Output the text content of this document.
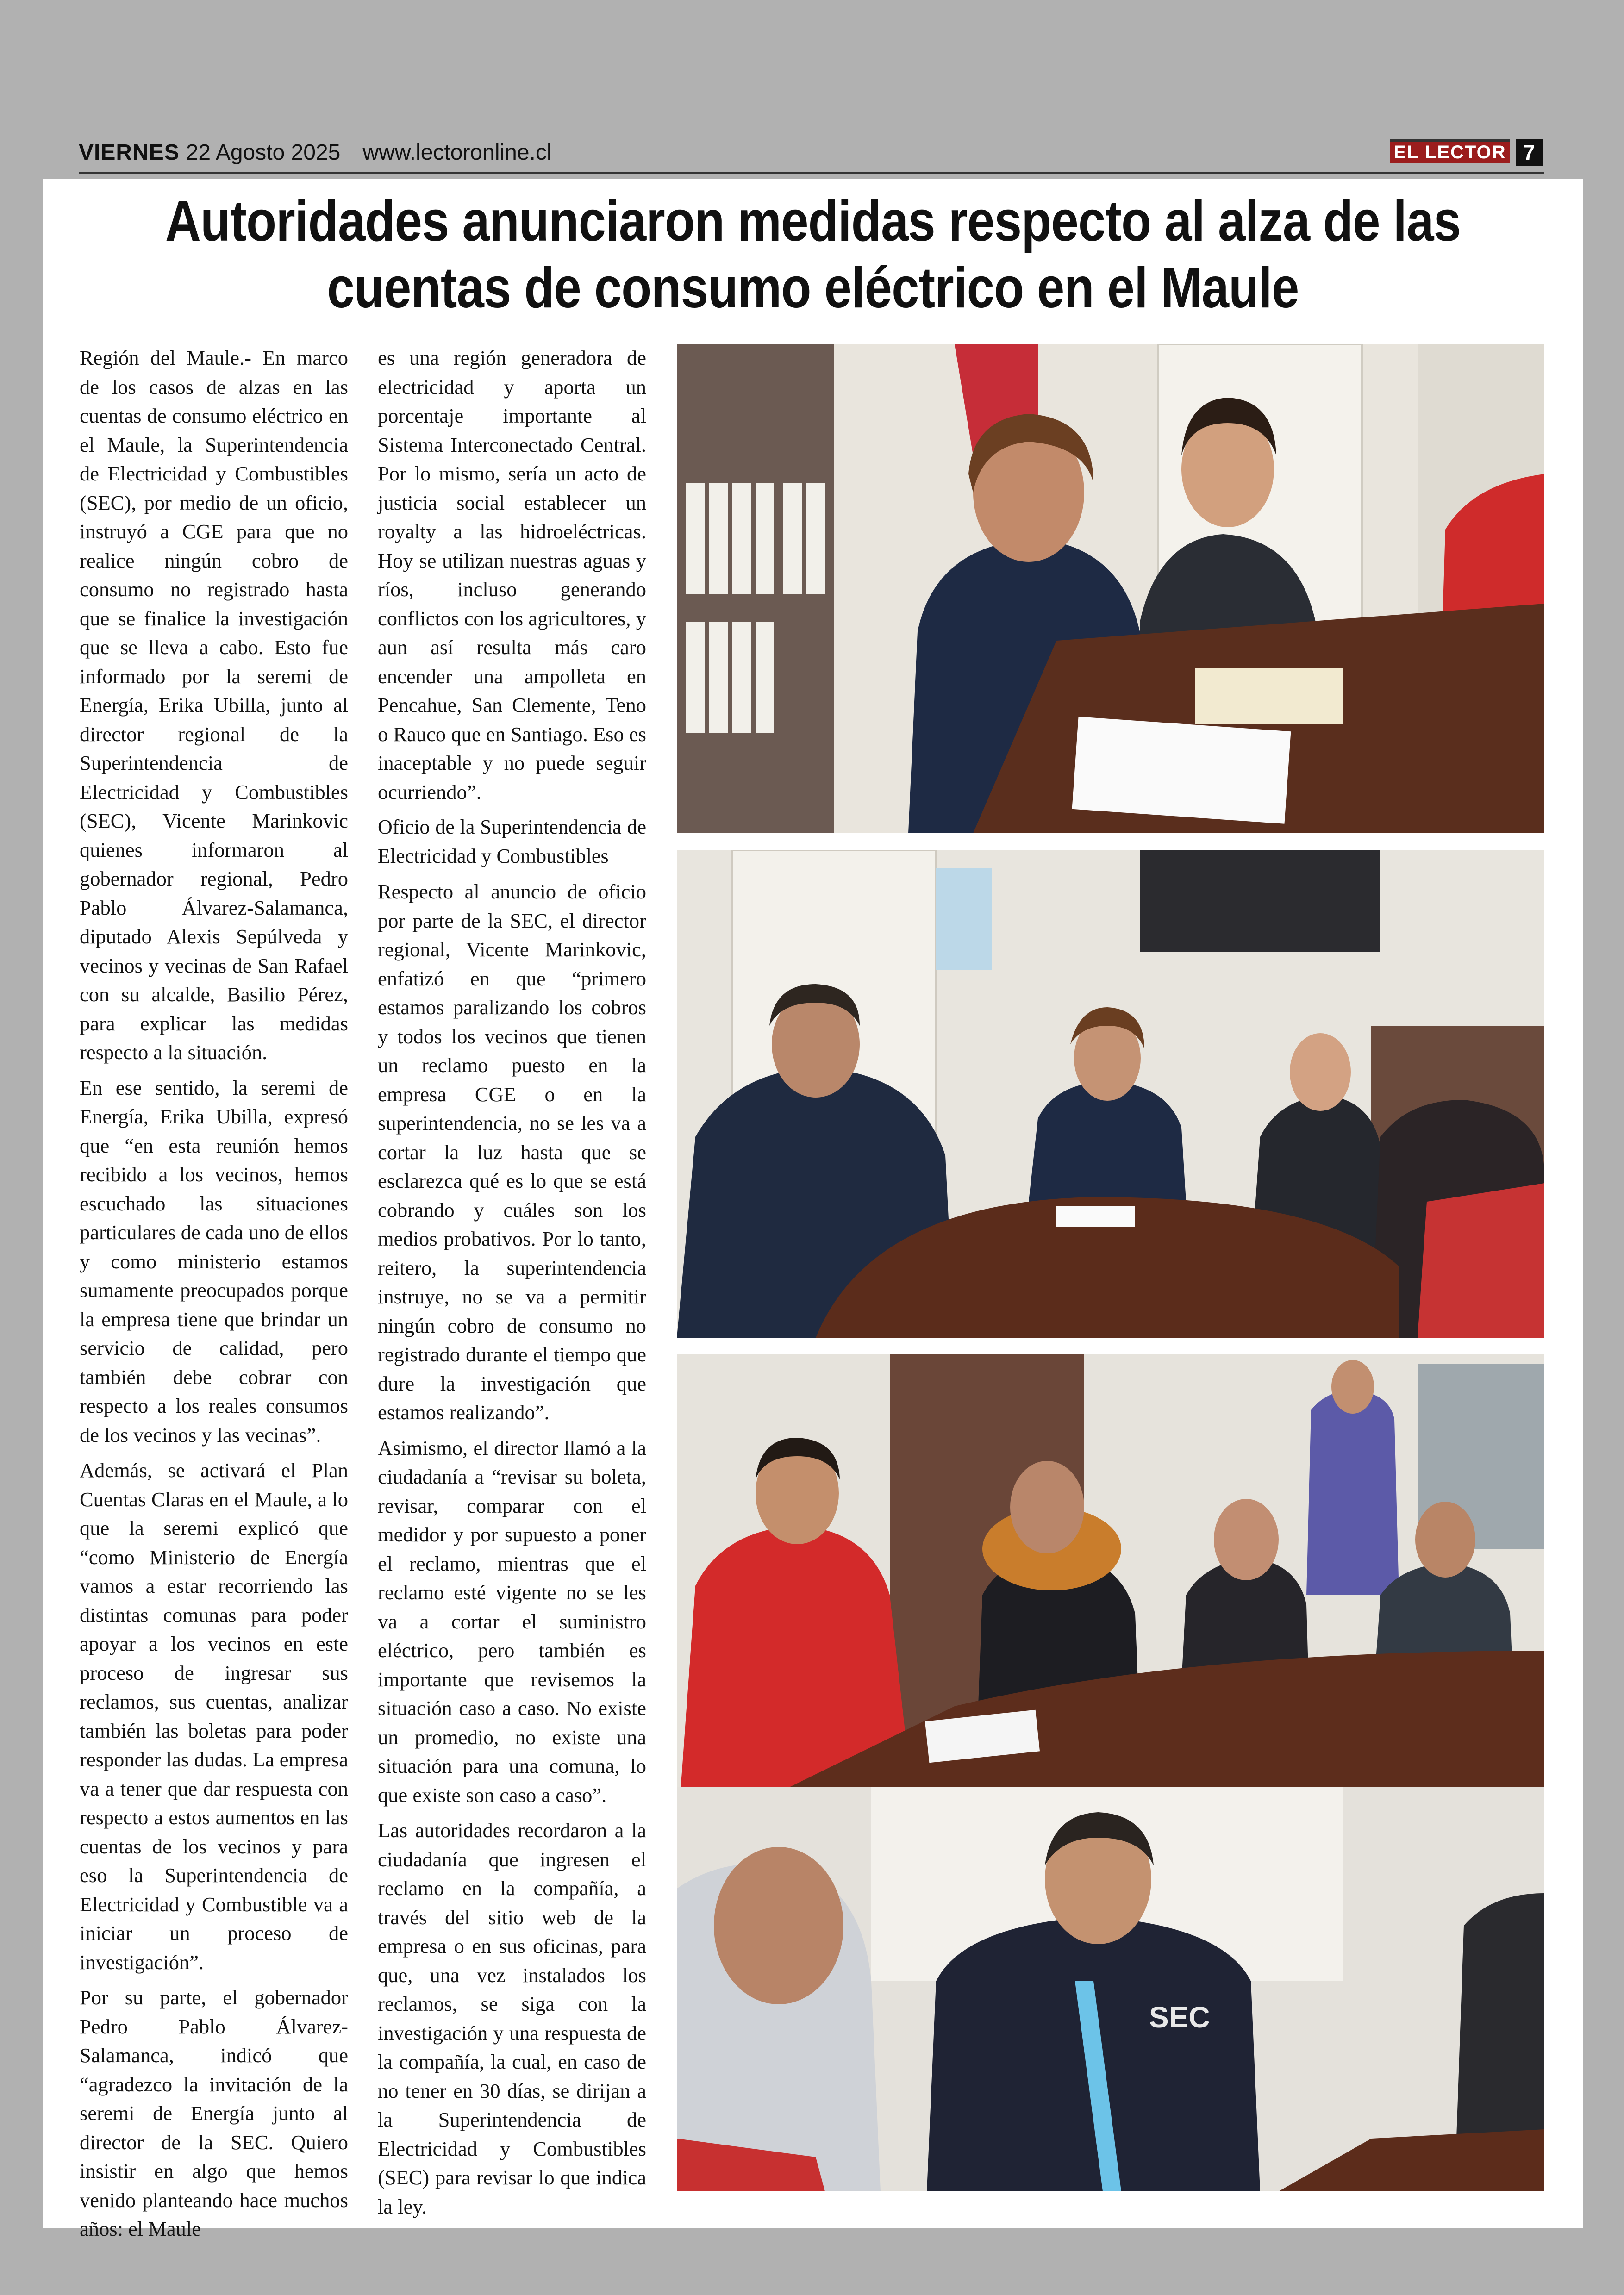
VIERNES 22 Agosto 2025 www.lectoronline.cl	EL LECTOR 7
Autoridades anunciaron medidas respecto al alza de las
cuentas de consumo eléctrico en el Maule

Región del Maule.- En marco de los casos de alzas en las cuentas de consumo eléctrico en el Maule, la Superintendencia de Electricidad y Combustibles (SEC), por medio de un oficio, instruyó a CGE para que no realice ningún cobro de consumo no registrado hasta que se finalice la investigación que se lleva a cabo. Esto fue informado por la seremi de Energía, Erika Ubilla, junto al director regional de la Superintendencia de Electricidad y Combustibles (SEC), Vicente Marinkovic quienes informaron al gobernador regional, Pedro Pablo Álvarez-Salamanca, diputado Alexis Sepúlveda y vecinos y vecinas de San Rafael con su alcalde, Basilio Pérez, para explicar las medidas respecto a la situación.

En ese sentido, la seremi de Energía, Erika Ubilla, expresó que “en esta reunión hemos recibido a los vecinos, hemos escuchado las situaciones particulares de cada uno de ellos y como ministerio estamos sumamente preocupados porque la empresa tiene que brindar un servicio de calidad, pero también debe cobrar con respecto a los reales consumos de los vecinos y las vecinas”.

Además, se activará el Plan Cuentas Claras en el Maule, a lo que la seremi explicó que “como Ministerio de Energía vamos a estar recorriendo las distintas comunas para poder apoyar a los vecinos en este proceso de ingresar sus reclamos, sus cuentas, analizar también las boletas para poder responder las dudas. La empresa va a tener que dar respuesta con respecto a estos aumentos en las cuentas de los vecinos y para eso la Superintendencia de Electricidad y Combustible va a iniciar un proceso de investigación”.

Por su parte, el gobernador Pedro Pablo Álvarez-Salamanca, indicó que “agradezco la invitación de la seremi de Energía junto al director de la SEC. Quiero insistir en algo que hemos venido planteando hace muchos años: el Maule

es una región generadora de electricidad y aporta un porcentaje importante al Sistema Interconectado Central. Por lo mismo, sería un acto de justicia social establecer un royalty a las hidroeléctricas. Hoy se utilizan nuestras aguas y ríos, incluso generando conflictos con los agricultores, y aun así resulta más caro encender una ampolleta en Pencahue, San Clemente, Teno o Rauco que en Santiago. Eso es inaceptable y no puede seguir ocurriendo”.

Oficio de la Superintendencia de Electricidad y Combustibles

Respecto al anuncio de oficio por parte de la SEC, el director regional, Vicente Marinkovic, enfatizó en que “primero estamos paralizando los cobros y todos los vecinos que tienen un reclamo puesto en la empresa CGE o en la superintendencia, no se les va a cortar la luz hasta que se esclarezca qué es lo que se está cobrando y cuáles son los medios probativos. Por lo tanto, reitero, la superintendencia instruye, no se va a permitir ningún cobro de consumo no registrado durante el tiempo que dure la investigación que estamos realizando”.

Asimismo, el director llamó a la ciudadanía a “revisar su boleta, revisar, comparar con el medidor y por supuesto a poner el reclamo, mientras que el reclamo esté vigente no se les va a cortar el suministro eléctrico, pero también es importante que revisemos la situación caso a caso. No existe un promedio, no existe una situación para una comuna, lo que existe son caso a caso”.

Las autoridades recordaron a la ciudadanía que ingresen el reclamo en la compañía, a través del sitio web de la empresa o en sus oficinas, para que, una vez instalados los reclamos, se siga con la investigación y una respuesta de la compañía, la cual, en caso de no tener en 30 días, se dirijan a la Superintendencia de Electricidad y Combustibles (SEC) para revisar lo que indica la ley.

SEC
